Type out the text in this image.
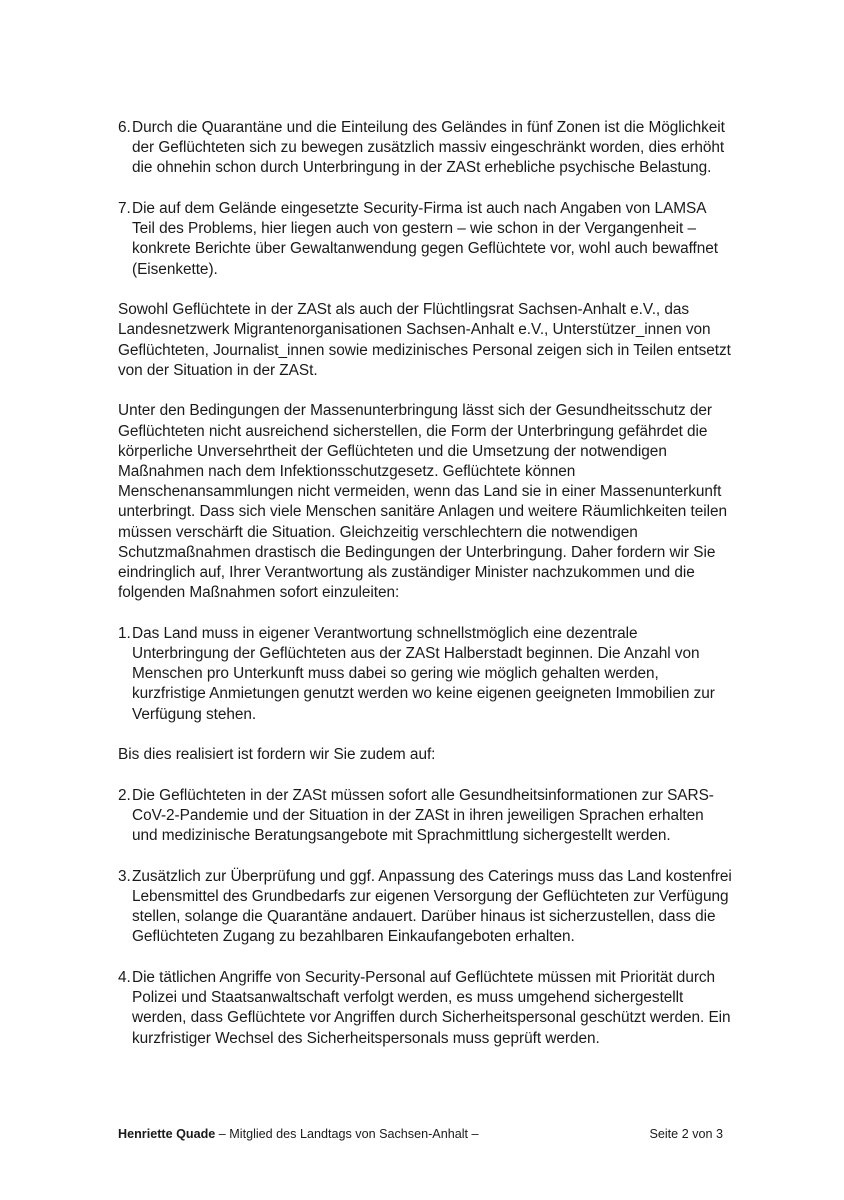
6. Durch die Quarantäne und die Einteilung des Geländes in fünf Zonen ist die Möglichkeit der Geflüchteten sich zu bewegen zusätzlich massiv eingeschränkt worden, dies erhöht die ohnehin schon durch Unterbringung in der ZASt erhebliche psychische Belastung.
7. Die auf dem Gelände eingesetzte Security-Firma ist auch nach Angaben von LAMSA Teil des Problems, hier liegen auch von gestern – wie schon in der Vergangenheit – konkrete Berichte über Gewaltanwendung gegen Geflüchtete vor, wohl auch bewaffnet (Eisenkette).

Sowohl Geflüchtete in der ZASt als auch der Flüchtlingsrat Sachsen-Anhalt e.V., das Landesnetzwerk Migrantenorganisationen Sachsen-Anhalt e.V., Unterstützer_innen von Geflüchteten, Journalist_innen sowie medizinisches Personal zeigen sich in Teilen entsetzt von der Situation in der ZASt.

Unter den Bedingungen der Massenunterbringung lässt sich der Gesundheitsschutz der Geflüchteten nicht ausreichend sicherstellen, die Form der Unterbringung gefährdet die körperliche Unversehrtheit der Geflüchteten und die Umsetzung der notwendigen Maßnahmen nach dem Infektionsschutzgesetz. Geflüchtete können Menschenansammlungen nicht vermeiden, wenn das Land sie in einer Massenunterkunft unterbringt. Dass sich viele Menschen sanitäre Anlagen und weitere Räumlichkeiten teilen müssen verschärft die Situation. Gleichzeitig verschlechtern die notwendigen Schutzmaßnahmen drastisch die Bedingungen der Unterbringung. Daher fordern wir Sie eindringlich auf, Ihrer Verantwortung als zuständiger Minister nachzukommen und die folgenden Maßnahmen sofort einzuleiten:

1. Das Land muss in eigener Verantwortung schnellstmöglich eine dezentrale Unterbringung der Geflüchteten aus der ZASt Halberstadt beginnen. Die Anzahl von Menschen pro Unterkunft muss dabei so gering wie möglich gehalten werden, kurzfristige Anmietungen genutzt werden wo keine eigenen geeigneten Immobilien zur Verfügung stehen.

Bis dies realisiert ist fordern wir Sie zudem auf:

2. Die Geflüchteten in der ZASt müssen sofort alle Gesundheitsinformationen zur SARS-CoV-2-Pandemie und der Situation in der ZASt in ihren jeweiligen Sprachen erhalten und medizinische Beratungsangebote mit Sprachmittlung sichergestellt werden.
3. Zusätzlich zur Überprüfung und ggf. Anpassung des Caterings muss das Land kostenfrei Lebensmittel des Grundbedarfs zur eigenen Versorgung der Geflüchteten zur Verfügung stellen, solange die Quarantäne andauert. Darüber hinaus ist sicherzustellen, dass die Geflüchteten Zugang zu bezahlbaren Einkaufangeboten erhalten.
4. Die tätlichen Angriffe von Security-Personal auf Geflüchtete müssen mit Priorität durch Polizei und Staatsanwaltschaft verfolgt werden, es muss umgehend sichergestellt werden, dass Geflüchtete vor Angriffen durch Sicherheitspersonal geschützt werden. Ein kurzfristiger Wechsel des Sicherheitspersonals muss geprüft werden.
Henriette Quade – Mitglied des Landtags von Sachsen-Anhalt –	Seite 2 von 3
